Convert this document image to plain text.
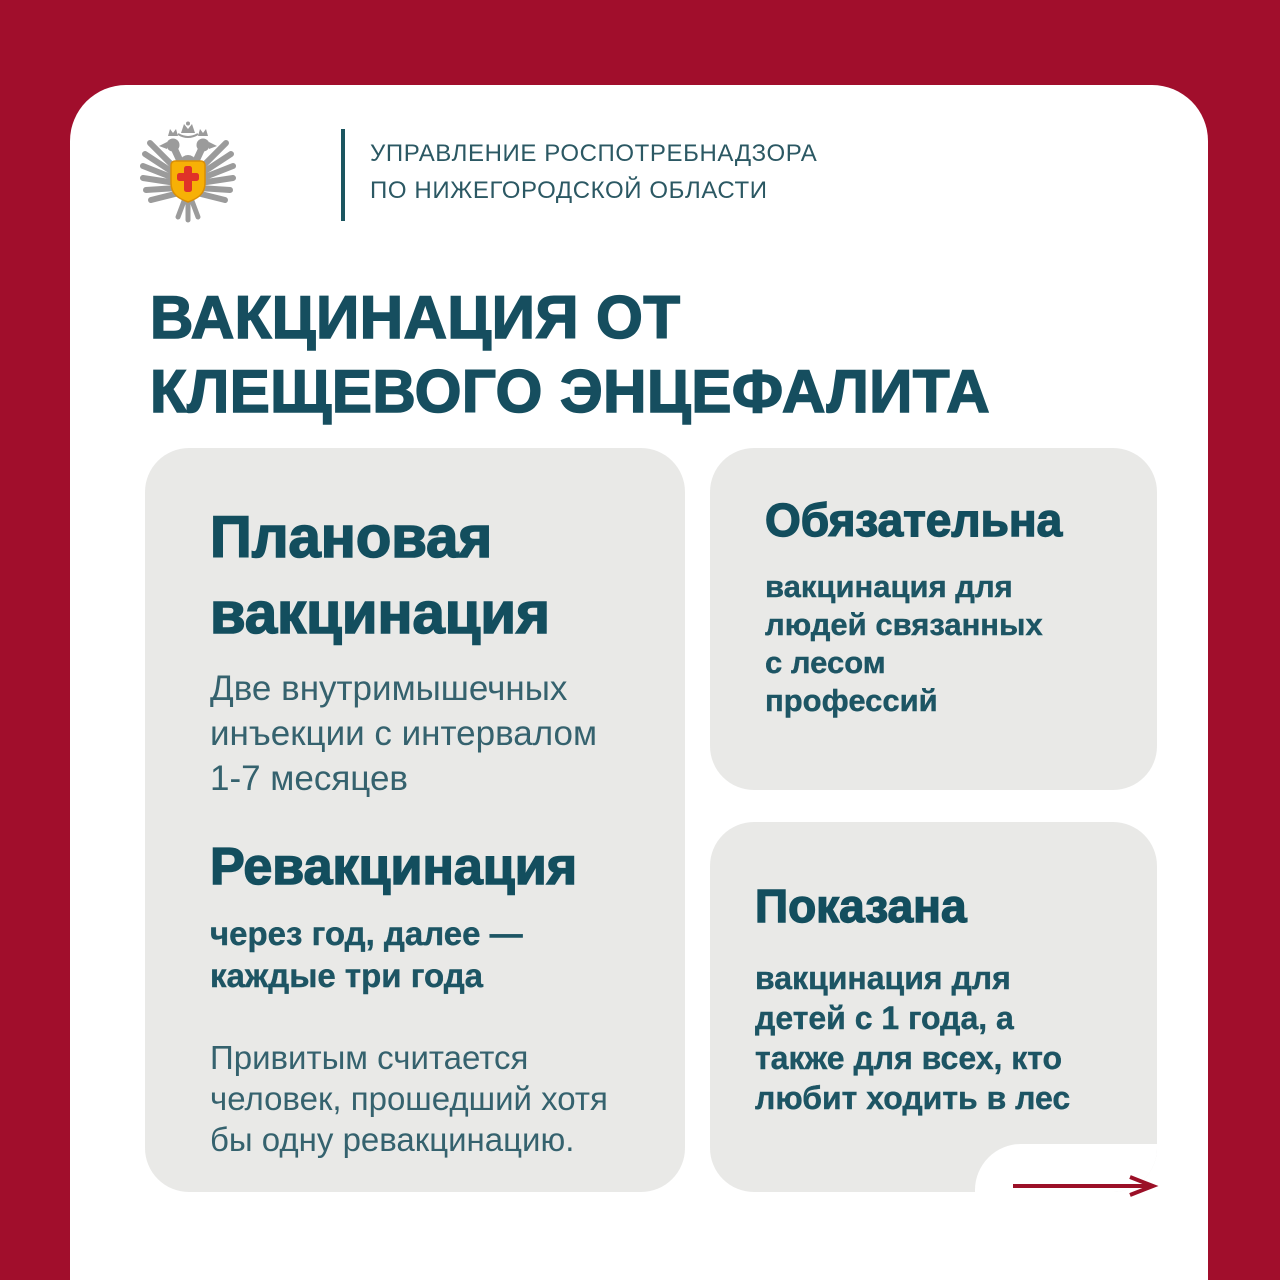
УПРАВЛЕНИЕ РОСПОТРЕБНАДЗОРА
ПО НИЖЕГОРОДСКОЙ ОБЛАСТИ
ВАКЦИНАЦИЯ ОТ
КЛЕЩЕВОГО ЭНЦЕФАЛИТА
Плановая
вакцинация
Две внутримышечных
инъекции с интервалом
1-7 месяцев
Ревакцинация
через год, далее —
каждые три года
Привитым считается
человек, прошедший хотя
бы одну ревакцинацию.
Обязательна
вакцинация для
людей связанных
с лесом
профессий
Показана
вакцинация для
детей с 1 года, а
также для всех, кто
любит ходить в лес
